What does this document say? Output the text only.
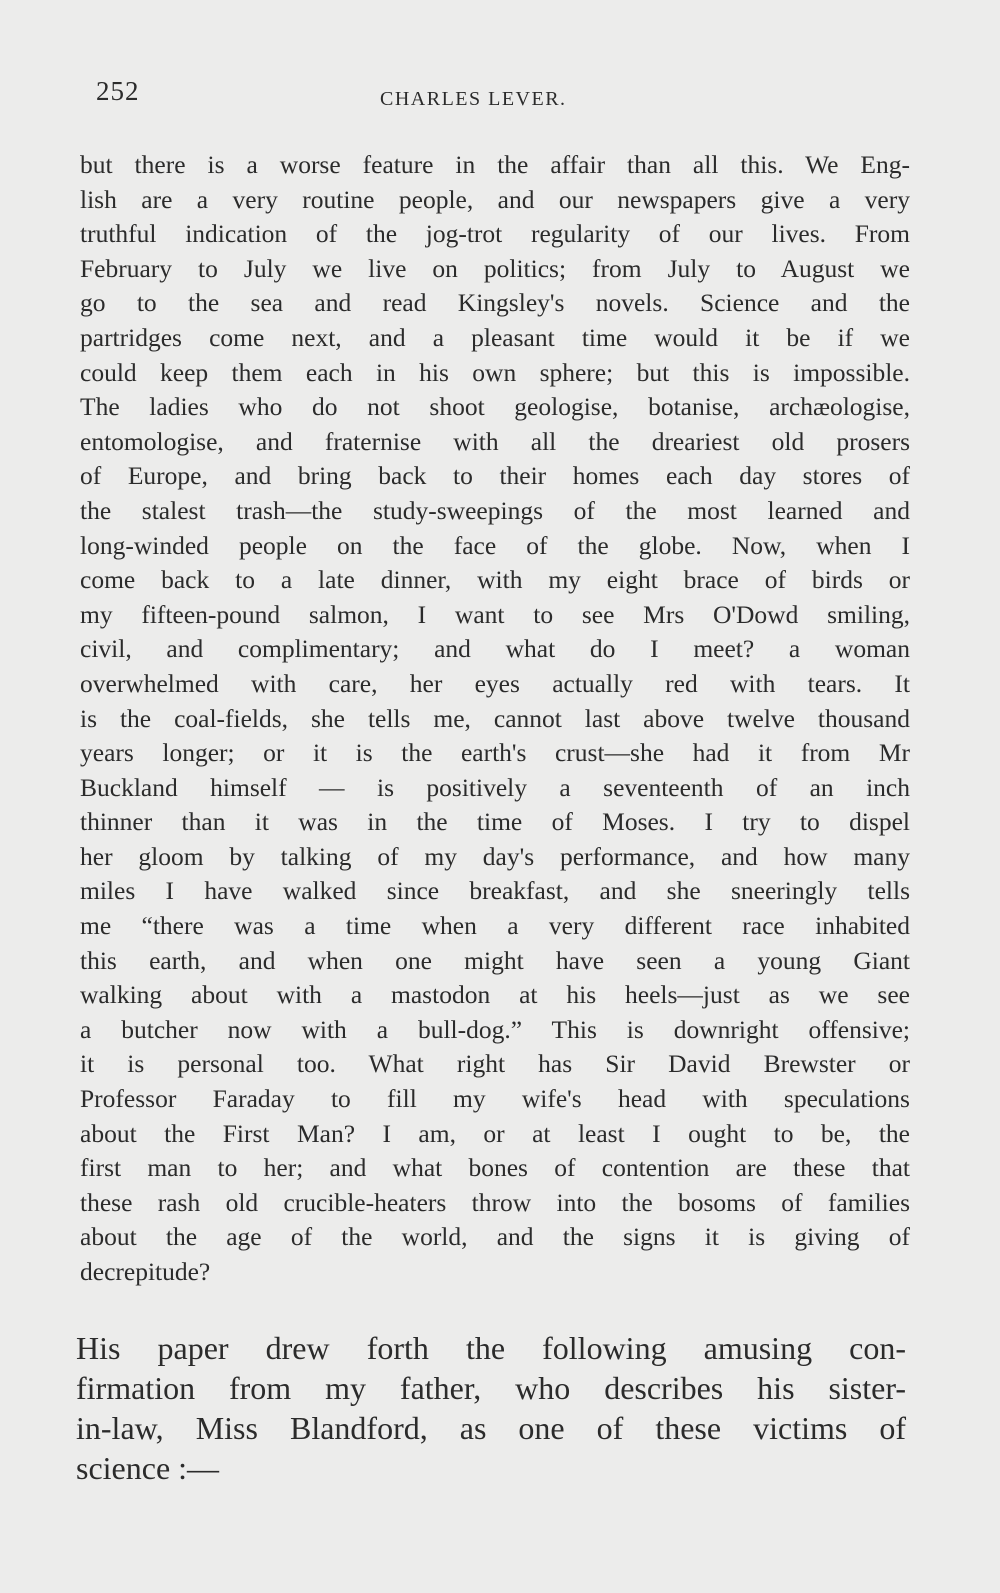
252	CHARLES LEVER.
but there is a worse feature in the affair than all this. We Eng-
lish are a very routine people, and our newspapers give a very
truthful indication of the jog-trot regularity of our lives. From
February to July we live on politics; from July to August we
go to the sea and read Kingsley's novels. Science and the
partridges come next, and a pleasant time would it be if we
could keep them each in his own sphere; but this is impossible.
The ladies who do not shoot geologise, botanise, archæologise,
entomologise, and fraternise with all the dreariest old prosers
of Europe, and bring back to their homes each day stores of
the stalest trash—the study-sweepings of the most learned and
long-winded people on the face of the globe. Now, when I
come back to a late dinner, with my eight brace of birds or
my fifteen-pound salmon, I want to see Mrs O'Dowd smiling,
civil, and complimentary; and what do I meet? a woman
overwhelmed with care, her eyes actually red with tears. It
is the coal-fields, she tells me, cannot last above twelve thousand
years longer; or it is the earth's crust—she had it from Mr
Buckland himself — is positively a seventeenth of an inch
thinner than it was in the time of Moses. I try to dispel
her gloom by talking of my day's performance, and how many
miles I have walked since breakfast, and she sneeringly tells
me “there was a time when a very different race inhabited
this earth, and when one might have seen a young Giant
walking about with a mastodon at his heels—just as we see
a butcher now with a bull-dog.” This is downright offensive;
it is personal too. What right has Sir David Brewster or
Professor Faraday to fill my wife's head with speculations
about the First Man? I am, or at least I ought to be, the
first man to her; and what bones of contention are these that
these rash old crucible-heaters throw into the bosoms of families
about the age of the world, and the signs it is giving of
decrepitude?
His paper drew forth the following amusing con-
firmation from my father, who describes his sister-
in-law, Miss Blandford, as one of these victims of
science :—
